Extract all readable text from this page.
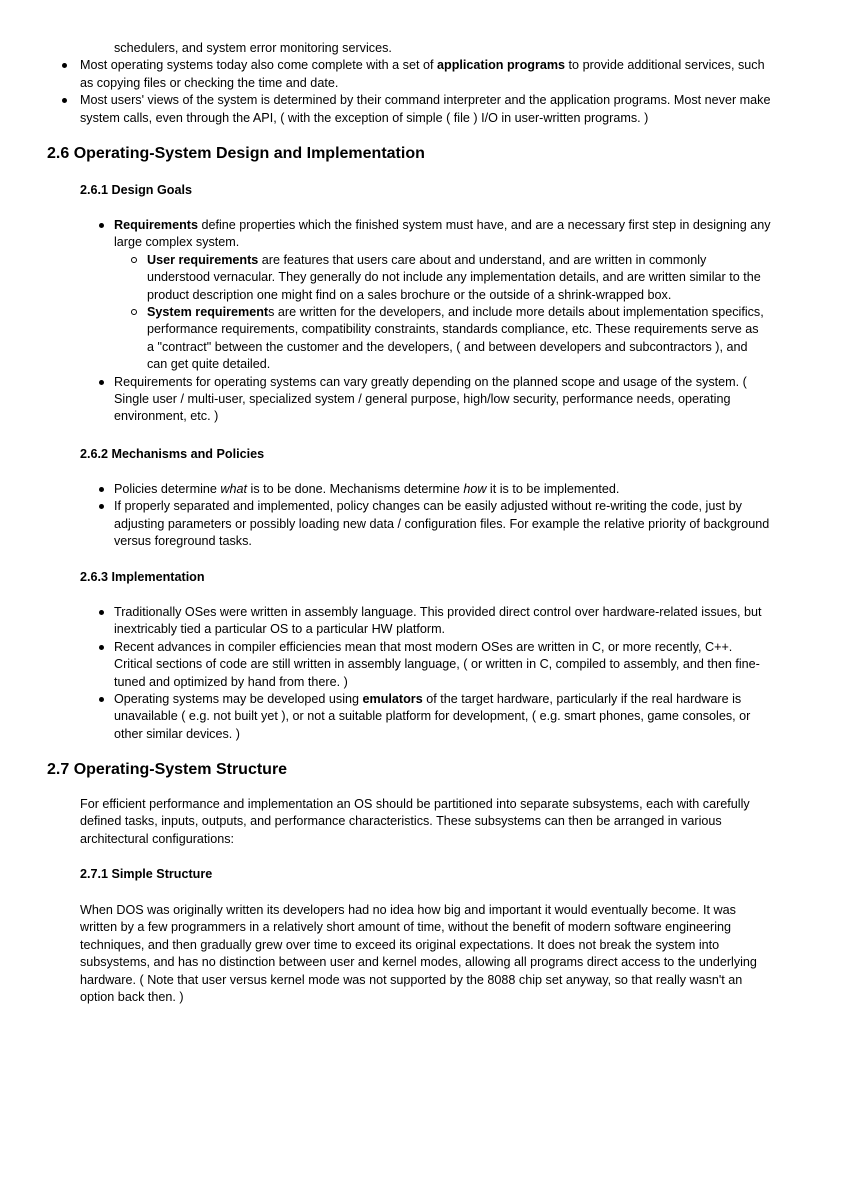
schedulers, and system error monitoring services.

Most operating systems today also come complete with a set of application programs to provide additional services, such as copying files or checking the time and date.
Most users' views of the system is determined by their command interpreter and the application programs. Most never make system calls, even through the API, ( with the exception of simple ( file ) I/O in user-written programs. )
2.6 Operating-System Design and Implementation
2.6.1 Design Goals
Requirements define properties which the finished system must have, and are a necessary first step in designing any large complex system.
User requirements are features that users care about and understand, and are written in commonly understood vernacular. They generally do not include any implementation details, and are written similar to the product description one might find on a sales brochure or the outside of a shrink-wrapped box.
System requirements are written for the developers, and include more details about implementation specifics, performance requirements, compatibility constraints, standards compliance, etc. These requirements serve as a "contract" between the customer and the developers, ( and between developers and subcontractors ), and can get quite detailed.
Requirements for operating systems can vary greatly depending on the planned scope and usage of the system. ( Single user / multi-user, specialized system / general purpose, high/low security, performance needs, operating environment, etc. )
2.6.2 Mechanisms and Policies
Policies determine what is to be done. Mechanisms determine how it is to be implemented.
If properly separated and implemented, policy changes can be easily adjusted without re-writing the code, just by adjusting parameters or possibly loading new data / configuration files. For example the relative priority of background versus foreground tasks.
2.6.3 Implementation
Traditionally OSes were written in assembly language. This provided direct control over hardware-related issues, but inextricably tied a particular OS to a particular HW platform.
Recent advances in compiler efficiencies mean that most modern OSes are written in C, or more recently, C++. Critical sections of code are still written in assembly language, ( or written in C, compiled to assembly, and then fine-tuned and optimized by hand from there. )
Operating systems may be developed using emulators of the target hardware, particularly if the real hardware is unavailable ( e.g. not built yet ), or not a suitable platform for development, ( e.g. smart phones, game consoles, or other similar devices. )
2.7 Operating-System Structure

For efficient performance and implementation an OS should be partitioned into separate subsystems, each with carefully defined tasks, inputs, outputs, and performance characteristics. These subsystems can then be arranged in various architectural configurations:

2.7.1 Simple Structure

When DOS was originally written its developers had no idea how big and important it would eventually become. It was written by a few programmers in a relatively short amount of time, without the benefit of modern software engineering techniques, and then gradually grew over time to exceed its original expectations. It does not break the system into subsystems, and has no distinction between user and kernel modes, allowing all programs direct access to the underlying hardware. ( Note that user versus kernel mode was not supported by the 8088 chip set anyway, so that really wasn't an option back then. )
